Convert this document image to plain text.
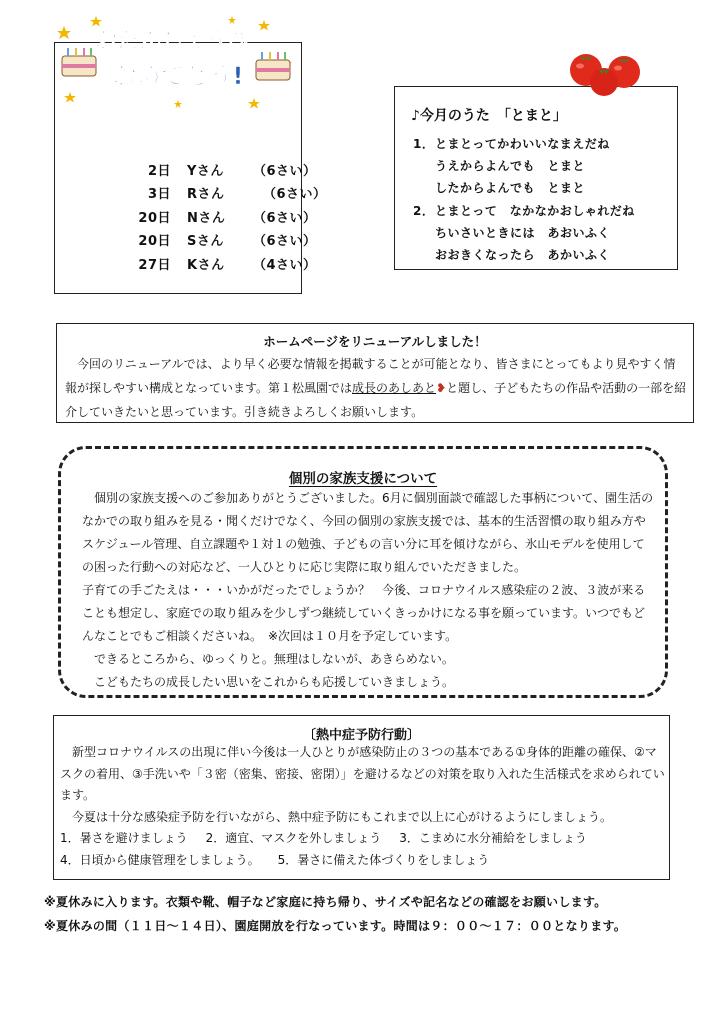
2日 Yさん （6さい）
3日 Rさん	（6さい）
20日 Nさん （6さい）
20日 Sさん （6さい）
27日 Kさん （4さい）
おたんじょうび
おめでとう!
♪今月のうた　「とまと」
1．とまとってかわいいなまえだね
うえからよんでも　とまと
したからよんでも　とまと
2．とまとって　なかなかおしゃれだね
ちいさいときには　あおいふく
おおきくなったら　あかいふく
ホームページをリニューアルしました！
今回のリニューアルでは、より早く必要な情報を掲載することが可能となり、皆さまにとってもより見やすく情報が探しやすい構成となっています。第１松風園では成長のあしあと❥と題し、子どもたちの作品や活動の一部を紹介していきたいと思っています。引き続きよろしくお願いします。
個別の家族支援について

個別の家族支援へのご参加ありがとうございました。6月に個別面談で確認した事柄について、園生活のなかでの取り組みを見る・聞くだけでなく、今回の個別の家族支援では、基本的生活習慣の取り組み方やスケジュール管理、自立課題や１対１の勉強、子どもの言い分に耳を傾けながら、氷山モデルを使用しての困った行動への対応など、一人ひとりに応じ実際に取り組んでいただきました。

子育ての手ごたえは・・・いかがだったでしょうか？　今後、コロナウイルス感染症の２波、３波が来ることも想定し、家庭での取り組みを少しずつ継続していくきっかけになる事を願っています。いつでもどんなことでもご相談くださいね。　※次回は１０月を予定しています。

できるところから、ゆっくりと。無理はしないが、あきらめない。

こどもたちの成長したい思いをこれからも応援していきましょう。

〔熱中症予防行動〕

新型コロナウイルスの出現に伴い今後は一人ひとりが感染防止の３つの基本である①身体的距離の確保、②マスクの着用、③手洗いや「３密（密集、密接、密閉）」を避けるなどの対策を取り入れた生活様式を求められています。

今夏は十分な感染症予防を行いながら、熱中症予防にもこれまで以上に心がけるようにしましょう。

1．暑さを避けましょう 2．適宜、マスクを外しましょう 3．こまめに水分補給をしましょう
4．日頃から健康管理をしましょう。 5．暑さに備えた体づくりをしましょう
※夏休みに入ります。衣類や靴、帽子など家庭に持ち帰り、サイズや記名などの確認をお願いします。
※夏休みの間（１１日～１４日）、園庭開放を行なっています。時間は９：００～１７：００となります。
